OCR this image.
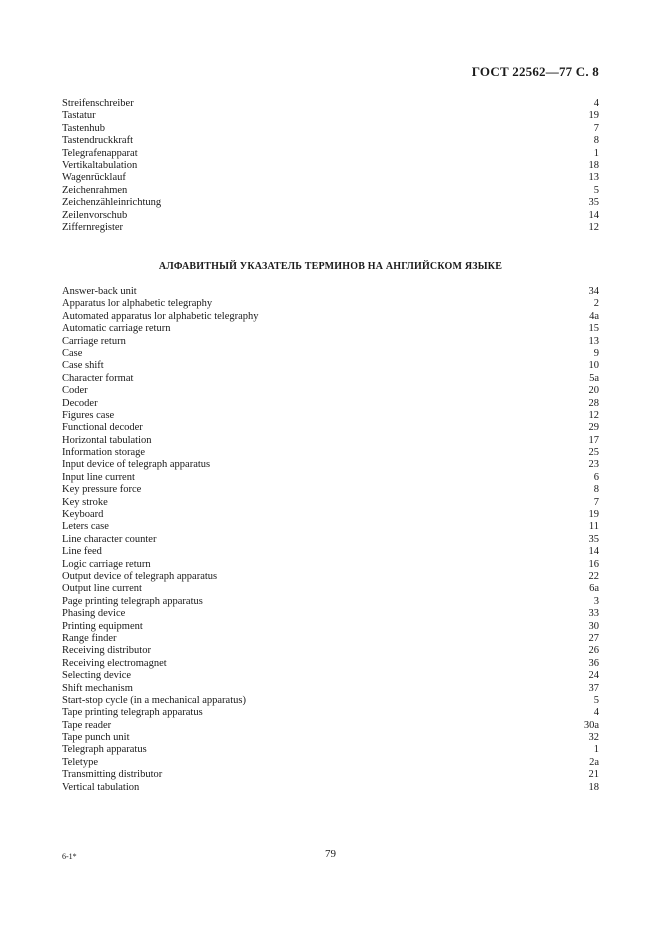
ГОСТ 22562—77 С. 8
Streifenschreiber	4
Tastatur	19
Tastenhub	7
Tastendruckkraft	8
Telegrafenapparat	1
Vertikaltabulation	18
Wagenrücklauf	13
Zeichenrahmen	5
Zeichenzähleinrichtung	35
Zeilenvorschub	14
Ziffernregister	12
АЛФАВИТНЫЙ УКАЗАТЕЛЬ ТЕРМИНОВ НА АНГЛИЙСКОМ ЯЗЫКЕ
Answer-back unit	34
Apparatus lor alphabetic telegraphy	2
Automated apparatus lor alphabetic telegraphy	4a
Automatic carriage return	15
Carriage return	13
Case	9
Case shift	10
Character format	5a
Coder	20
Decoder	28
Figures case	12
Functional decoder	29
Horizontal tabulation	17
Information storage	25
Input device of telegraph apparatus	23
Input line current	6
Key pressure force	8
Key stroke	7
Keyboard	19
Leters case	11
Line character counter	35
Line feed	14
Logic carriage return	16
Output device of telegraph apparatus	22
Output line current	6a
Page printing telegraph apparatus	3
Phasing device	33
Printing equipment	30
Range finder	27
Receiving distributor	26
Receiving electromagnet	36
Selecting device	24
Shift mechanism	37
Start-stop cycle (in a mechanical apparatus)	5
Tape printing telegraph apparatus	4
Tape reader	30a
Tape punch unit	32
Telegraph apparatus	1
Teletype	2a
Transmitting distributor	21
Vertical tabulation	18
6-1*	79
